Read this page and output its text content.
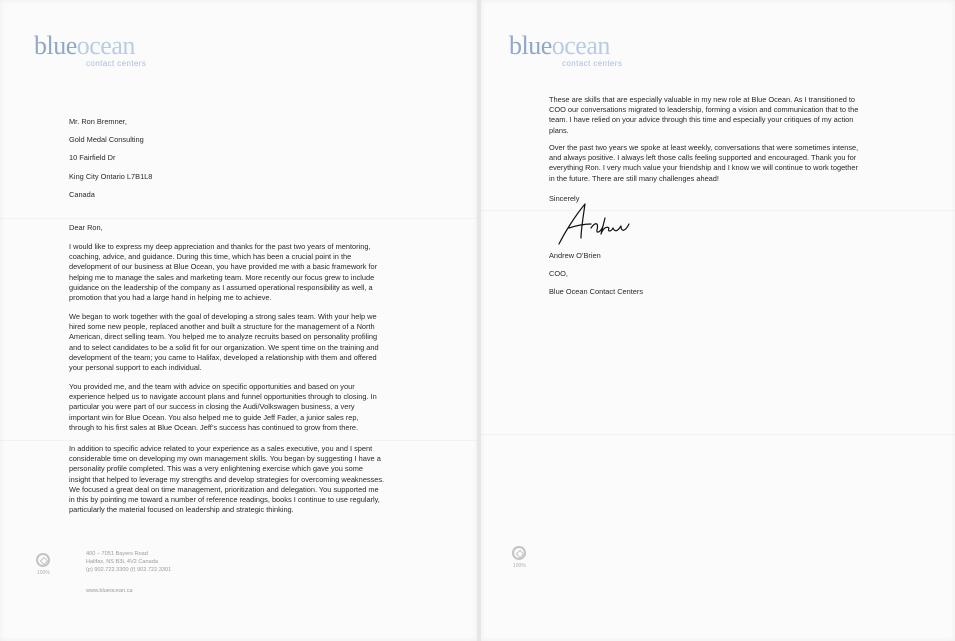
blueocean
contact centers
Mr. Ron Bremner,
Gold Medal Consulting
10 Fairfield Dr
King City Ontario L7B1L8
Canada
Dear Ron,
I would like to express my deep appreciation and thanks for the past two years of mentoring,
coaching, advice, and guidance. During this time, which has been a crucial point in the
development of our business at Blue Ocean, you have provided me with a basic framework for
helping me to manage the sales and marketing team. More recently our focus grew to include
guidance on the leadership of the company as I assumed operational responsibility as well, a
promotion that you had a large hand in helping me to achieve.
We began to work together with the goal of developing a strong sales team. With your help we
hired some new people, replaced another and built a structure for the management of a North
American, direct selling team. You helped me to analyze recruits based on personality profiling
and to select candidates to be a solid fit for our organization. We spent time on the training and
development of the team; you came to Halifax, developed a relationship with them and offered
your personal support to each individual.
You provided me, and the team with advice on specific opportunities and based on your
experience helped us to navigate account plans and funnel opportunities through to closing. In
particular you were part of our success in closing the Audi/Volkswagen business, a very
important win for Blue Ocean. You also helped me to guide Jeff Fader, a junior sales rep,
through to his first sales at Blue Ocean. Jeff’s success has continued to grow from there.
In addition to specific advice related to your experience as a sales executive, you and I spent
considerable time on developing my own management skills. You began by suggesting I have a
personality profile completed. This was a very enlightening exercise which gave you some
insight that helped to leverage my strengths and develop strategies for overcoming weaknesses.
We focused a great deal on time management, prioritization and delegation. You supported me
in this by pointing me toward a number of reference readings, books I continue to use regularly,
particularly the material focused on leadership and strategic thinking.
100%
400 – 7051 Bayers Road
Halifax, NS B3L 4V2 Canada
(p) 902.722.3300 (f) 902.722.3301
www.blueocean.ca
blueocean
contact centers
These are skills that are especially valuable in my new role at Blue Ocean. As I transitioned to
COO our conversations migrated to leadership, forming a vision and communication that to the
team. I have relied on your advice through this time and especially your critiques of my action
plans.
Over the past two years we spoke at least weekly, conversations that were sometimes intense,
and always positive. I always left those calls feeling supported and encouraged. Thank you for
everything Ron. I very much value your friendship and I know we will continue to work together
in the future. There are still many challenges ahead!
Sincerely
Andrew O’Brien
COO,
Blue Ocean Contact Centers
100%
